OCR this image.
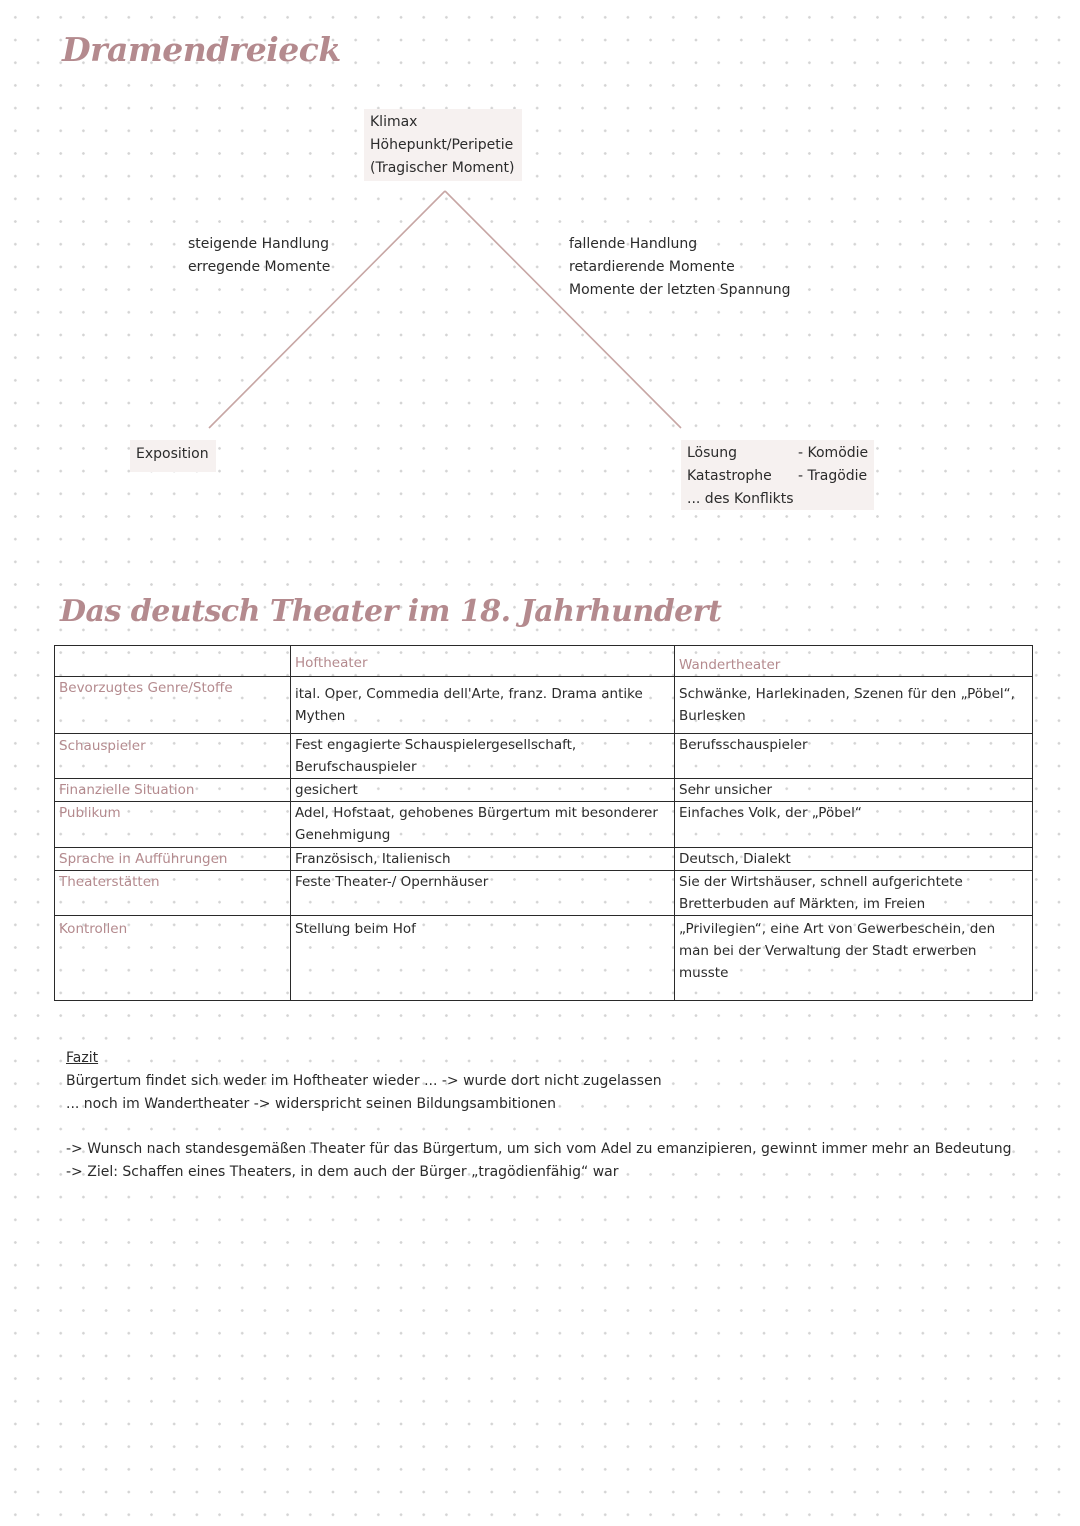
Dramendreieck
Klimax
Höhepunkt/Peripetie
(Tragischer Moment)
steigende Handlung
erregende Momente
fallende Handlung
retardierende Momente
Momente der letzten Spannung
Exposition	Lösung	- Komödie
Katastrophe - Tragödie
... des Konflikts
Das deutsch Theater im 18. Jahrhundert
	Hoftheater	Wandertheater
Bevorzugtes Genre/Stoffe	ital. Oper, Commedia dell'Arte, franz. Drama antike Mythen	Schwänke, Harlekinaden, Szenen für den „Pöbel“, Burlesken
Schauspieler	Fest engagierte Schauspielergesellschaft, Berufschauspieler	Berufsschauspieler
Finanzielle Situation	gesichert	Sehr unsicher
Publikum	Adel, Hofstaat, gehobenes Bürgertum mit besonderer Genehmigung	Einfaches Volk, der „Pöbel“
Sprache in Aufführungen	Französisch, Italienisch	Deutsch, Dialekt
Theaterstätten	Feste Theater-/ Opernhäuser	Sie der Wirtshäuser, schnell aufgerichtete Bretterbuden auf Märkten, im Freien
Kontrollen	Stellung beim Hof	„Privilegien“, eine Art von Gewerbeschein, den man bei der Verwaltung der Stadt erwerben musste
Fazit
Bürgertum findet sich weder im Hoftheater wieder ... -> wurde dort nicht zugelassen
... noch im Wandertheater -> widerspricht seinen Bildungsambitionen
-> Wunsch nach standesgemäßen Theater für das Bürgertum, um sich vom Adel zu emanzipieren, gewinnt immer mehr an Bedeutung
-> Ziel: Schaffen eines Theaters, in dem auch der Bürger „tragödienfähig“ war
